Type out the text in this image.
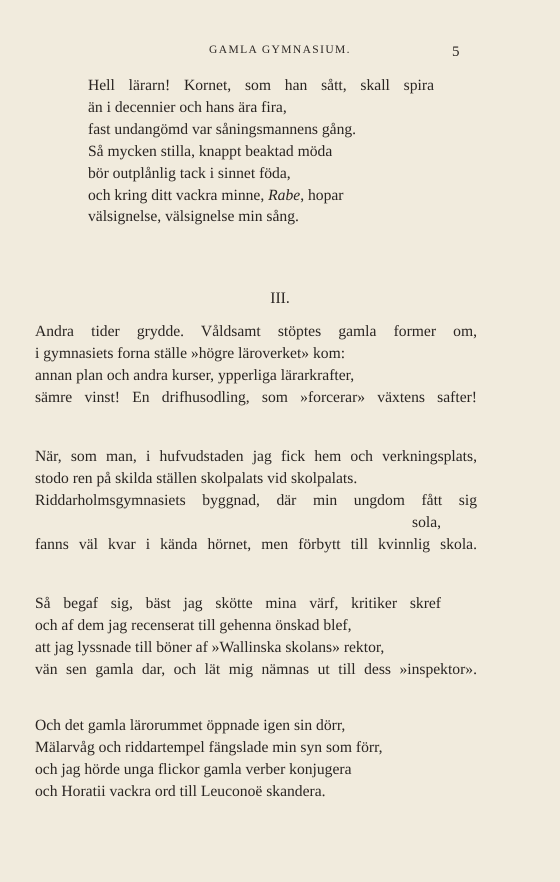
GAMLA GYMNASIUM.	5
Hell lärarn! Kornet, som han sått, skall spira
än i decennier och hans ära fira,
fast undangömd var såningsmannens gång.
Så mycken stilla, knappt beaktad möda
bör outplånlig tack i sinnet föda,
och kring ditt vackra minne, Rabe, hopar
välsignelse, välsignelse min sång.
III.
Andra tider grydde. Våldsamt stöptes gamla former om,
i gymnasiets forna ställe »högre läroverket» kom:
annan plan och andra kurser, ypperliga lärarkrafter,
sämre vinst! En drifhusodling, som »forcerar» växtens safter!
När, som man, i hufvudstaden jag fick hem och verkningsplats,
stodo ren på skilda ställen skolpalats vid skolpalats.
Riddarholmsgymnasiets byggnad, där min ungdom fått sig
sola,
fanns väl kvar i kända hörnet, men förbytt till kvinnlig skola.
Så begaf sig, bäst jag skötte mina värf, kritiker skref
och af dem jag recenserat till gehenna önskad blef,
att jag lyssnade till böner af »Wallinska skolans» rektor,
vän sen gamla dar, och lät mig nämnas ut till dess »inspektor».
Och det gamla lärorummet öppnade igen sin dörr,
Mälarvåg och riddartempel fängslade min syn som förr,
och jag hörde unga flickor gamla verber konjugera
och Horatii vackra ord till Leuconoë skandera.
